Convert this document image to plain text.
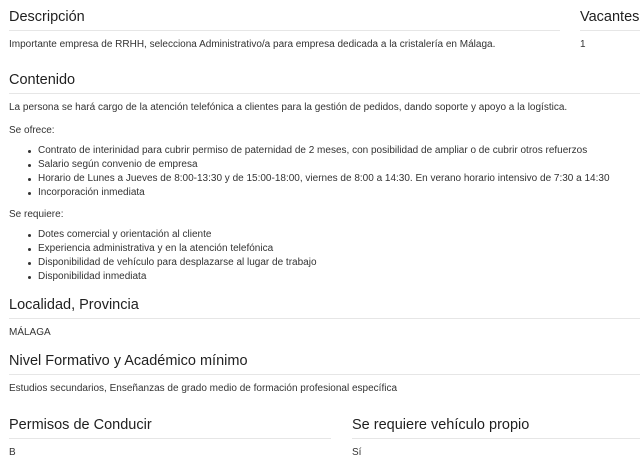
Descripción	Vacantes
Importante empresa de RRHH, selecciona Administrativo/a para empresa dedicada a la cristalería en Málaga.	1
Contenido
La persona se hará cargo de la atención telefónica a clientes para la gestión de pedidos, dando soporte y apoyo a la logística.
Se ofrece:
Contrato de interinidad para cubrir permiso de paternidad de 2 meses, con posibilidad de ampliar o de cubrir otros refuerzos
Salario según convenio de empresa
Horario de Lunes a Jueves de 8:00-13:30 y de 15:00-18:00, viernes de 8:00 a 14:30. En verano horario intensivo de 7:30 a 14:30
Incorporación inmediata
Se requiere:
Dotes comercial y orientación al cliente
Experiencia administrativa y en la atención telefónica
Disponibilidad de vehículo para desplazarse al lugar de trabajo
Disponibilidad inmediata
Localidad, Provincia
MÁLAGA
Nivel Formativo y Académico mínimo
Estudios secundarios, Enseñanzas de grado medio de formación profesional específica
Permisos de Conducir
B
Se requiere vehículo propio
Sí
